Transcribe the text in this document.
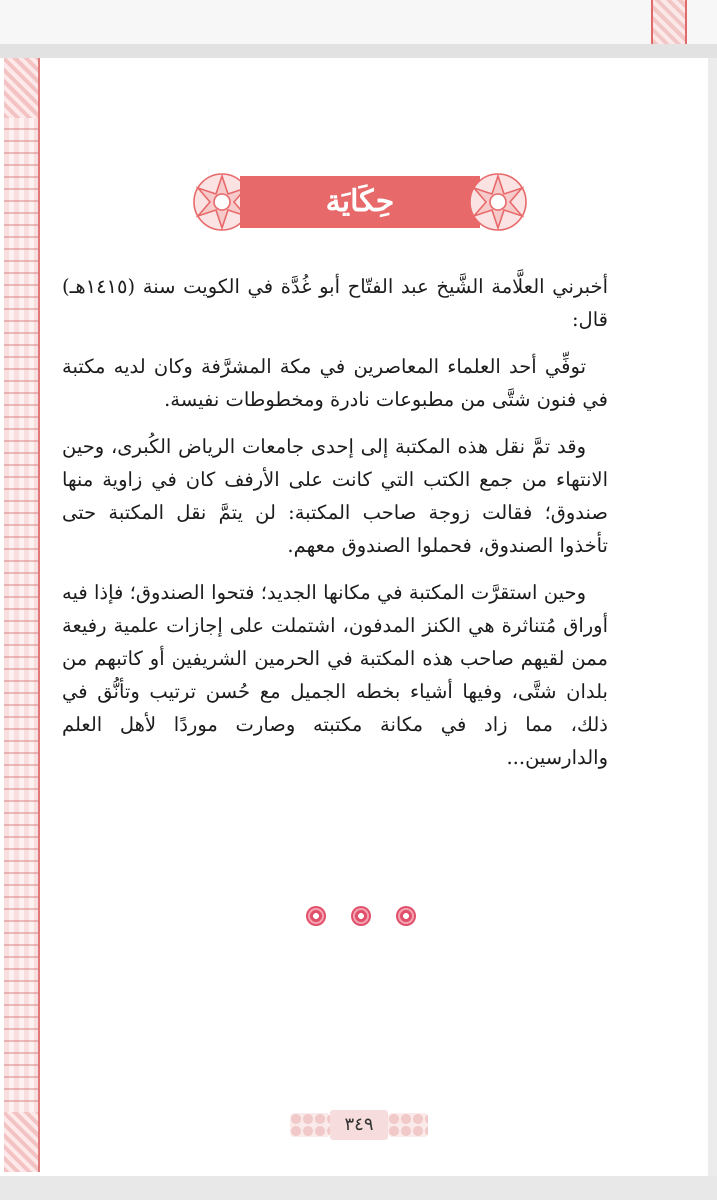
حِكَايَة

أخبرني العلَّامة الشَّيخ عبد الفتّاح أبو غُدَّة في الكويت سنة (١٤١٥هـ) قال:

توفِّي أحد العلماء المعاصرين في مكة المشرَّفة وكان لديه مكتبة في فنون شتَّى من مطبوعات نادرة ومخطوطات نفيسة.

وقد تمَّ نقل هذه المكتبة إلى إحدى جامعات الرياض الكُبرى، وحين الانتهاء من جمع الكتب التي كانت على الأرفف كان في زاوية منها صندوق؛ فقالت زوجة صاحب المكتبة: لن يتمَّ نقل المكتبة حتى تأخذوا الصندوق، فحملوا الصندوق معهم.

وحين استقرَّت المكتبة في مكانها الجديد؛ فتحوا الصندوق؛ فإذا فيه أوراق مُتناثرة هي الكنز المدفون، اشتملت على إجازات علمية رفيعة ممن لقيهم صاحب هذه المكتبة في الحرمين الشريفين أو كاتبهم من بلدان شتَّى، وفيها أشياء بخطه الجميل مع حُسن ترتيب وتأنُّق في ذلك، مما زاد في مكانة مكتبته وصارت موردًا لأهل العلم والدارسين...

٣٤٩
